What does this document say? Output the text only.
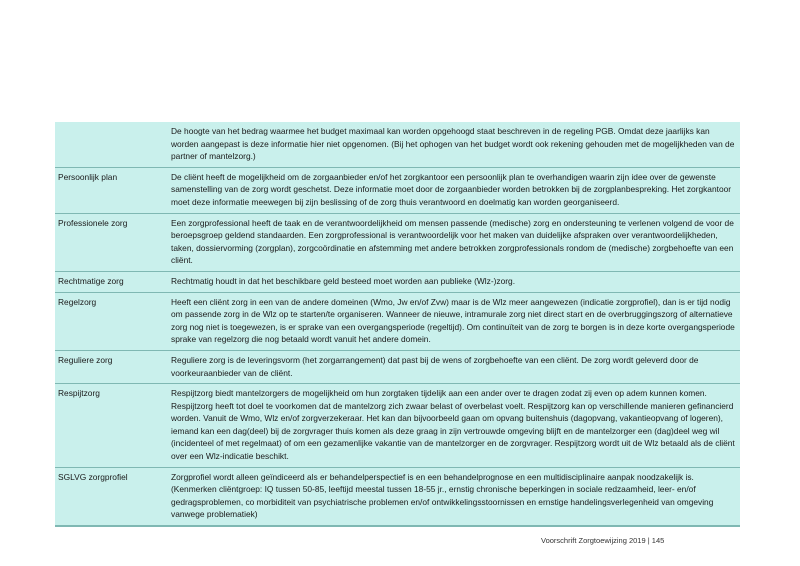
	De hoogte van het bedrag waarmee het budget maximaal kan worden opgehoogd staat beschreven in de regeling PGB. Omdat deze jaarlijks kan worden aangepast is deze informatie hier niet opgenomen. (Bij het ophogen van het budget wordt ook rekening gehouden met de mogelijkheden van de partner of mantelzorg.)
Persoonlijk plan	De cliënt heeft de mogelijkheid om de zorgaanbieder en/of het zorgkantoor een persoonlijk plan te overhandigen waarin zijn idee over de gewenste samenstelling van de zorg wordt geschetst. Deze informatie moet door de zorgaanbieder worden betrokken bij de zorgplanbespreking. Het zorgkantoor moet deze informatie meewegen bij zijn beslissing of de zorg thuis verantwoord en doelmatig kan worden georganiseerd.
Professionele zorg	Een zorgprofessional heeft de taak en de verantwoordelijkheid om mensen passende (medische) zorg en ondersteuning te verlenen volgend de voor de beroepsgroep geldend standaarden. Een zorgprofessional is verantwoordelijk voor het maken van duidelijke afspraken over verantwoordelijkheden, taken, dossiervorming (zorgplan), zorgcoördinatie en afstemming met andere betrokken zorgprofessionals rondom de (medische) zorgbehoefte van een cliënt.
Rechtmatige zorg	Rechtmatig houdt in dat het beschikbare geld besteed moet worden aan publieke (Wlz-)zorg.
Regelzorg	Heeft een cliënt zorg in een van de andere domeinen (Wmo, Jw en/of Zvw) maar is de Wlz meer aangewezen (indicatie zorgprofiel), dan is er tijd nodig om passende zorg in de Wlz op te starten/te organiseren. Wanneer de nieuwe, intramurale zorg niet direct start en de overbruggingszorg of alternatieve zorg nog niet is toegewezen, is er sprake van een overgangsperiode (regeltijd). Om continuïteit van de zorg te borgen is in deze korte overgangsperiode sprake van regelzorg die nog betaald wordt vanuit het andere domein.
Reguliere zorg	Reguliere zorg is de leveringsvorm (het zorgarrangement) dat past bij de wens of zorgbehoefte van een cliënt. De zorg wordt geleverd door de voorkeuraanbieder van de cliënt.
Respijtzorg	Respijtzorg biedt mantelzorgers de mogelijkheid om hun zorgtaken tijdelijk aan een ander over te dragen zodat zij even op adem kunnen komen. Respijtzorg heeft tot doel te voorkomen dat de mantelzorg zich zwaar belast of overbelast voelt. Respijtzorg kan op verschillende manieren gefinancierd worden. Vanuit de Wmo, Wlz en/of zorgverzekeraar. Het kan dan bijvoorbeeld gaan om opvang buitenshuis (dagopvang, vakantieopvang of logeren), iemand kan een dag(deel) bij de zorgvrager thuis komen als deze graag in zijn vertrouwde omgeving blijft en de mantelzorger een (dag)deel weg wil (incidenteel of met regelmaat) of om een gezamenlijke vakantie van de mantelzorger en de zorgvrager. Respijtzorg wordt uit de Wlz betaald als de cliënt over een Wlz-indicatie beschikt.
SGLVG zorgprofiel	Zorgprofiel wordt alleen geïndiceerd als er behandelperspectief is en een behandelprognose en een multidisciplinaire aanpak noodzakelijk is. (Kenmerken cliëntgroep: IQ tussen 50-85, leeftijd meestal tussen 18-55 jr., ernstig chronische beperkingen in sociale redzaamheid, leer- en/of gedragsproblemen, co morbiditeit van psychiatrische problemen en/of ontwikkelingsstoornissen en ernstige handelingsverlegenheid van omgeving vanwege problematiek)
Voorschrift Zorgtoewijzing 2019 | 145
